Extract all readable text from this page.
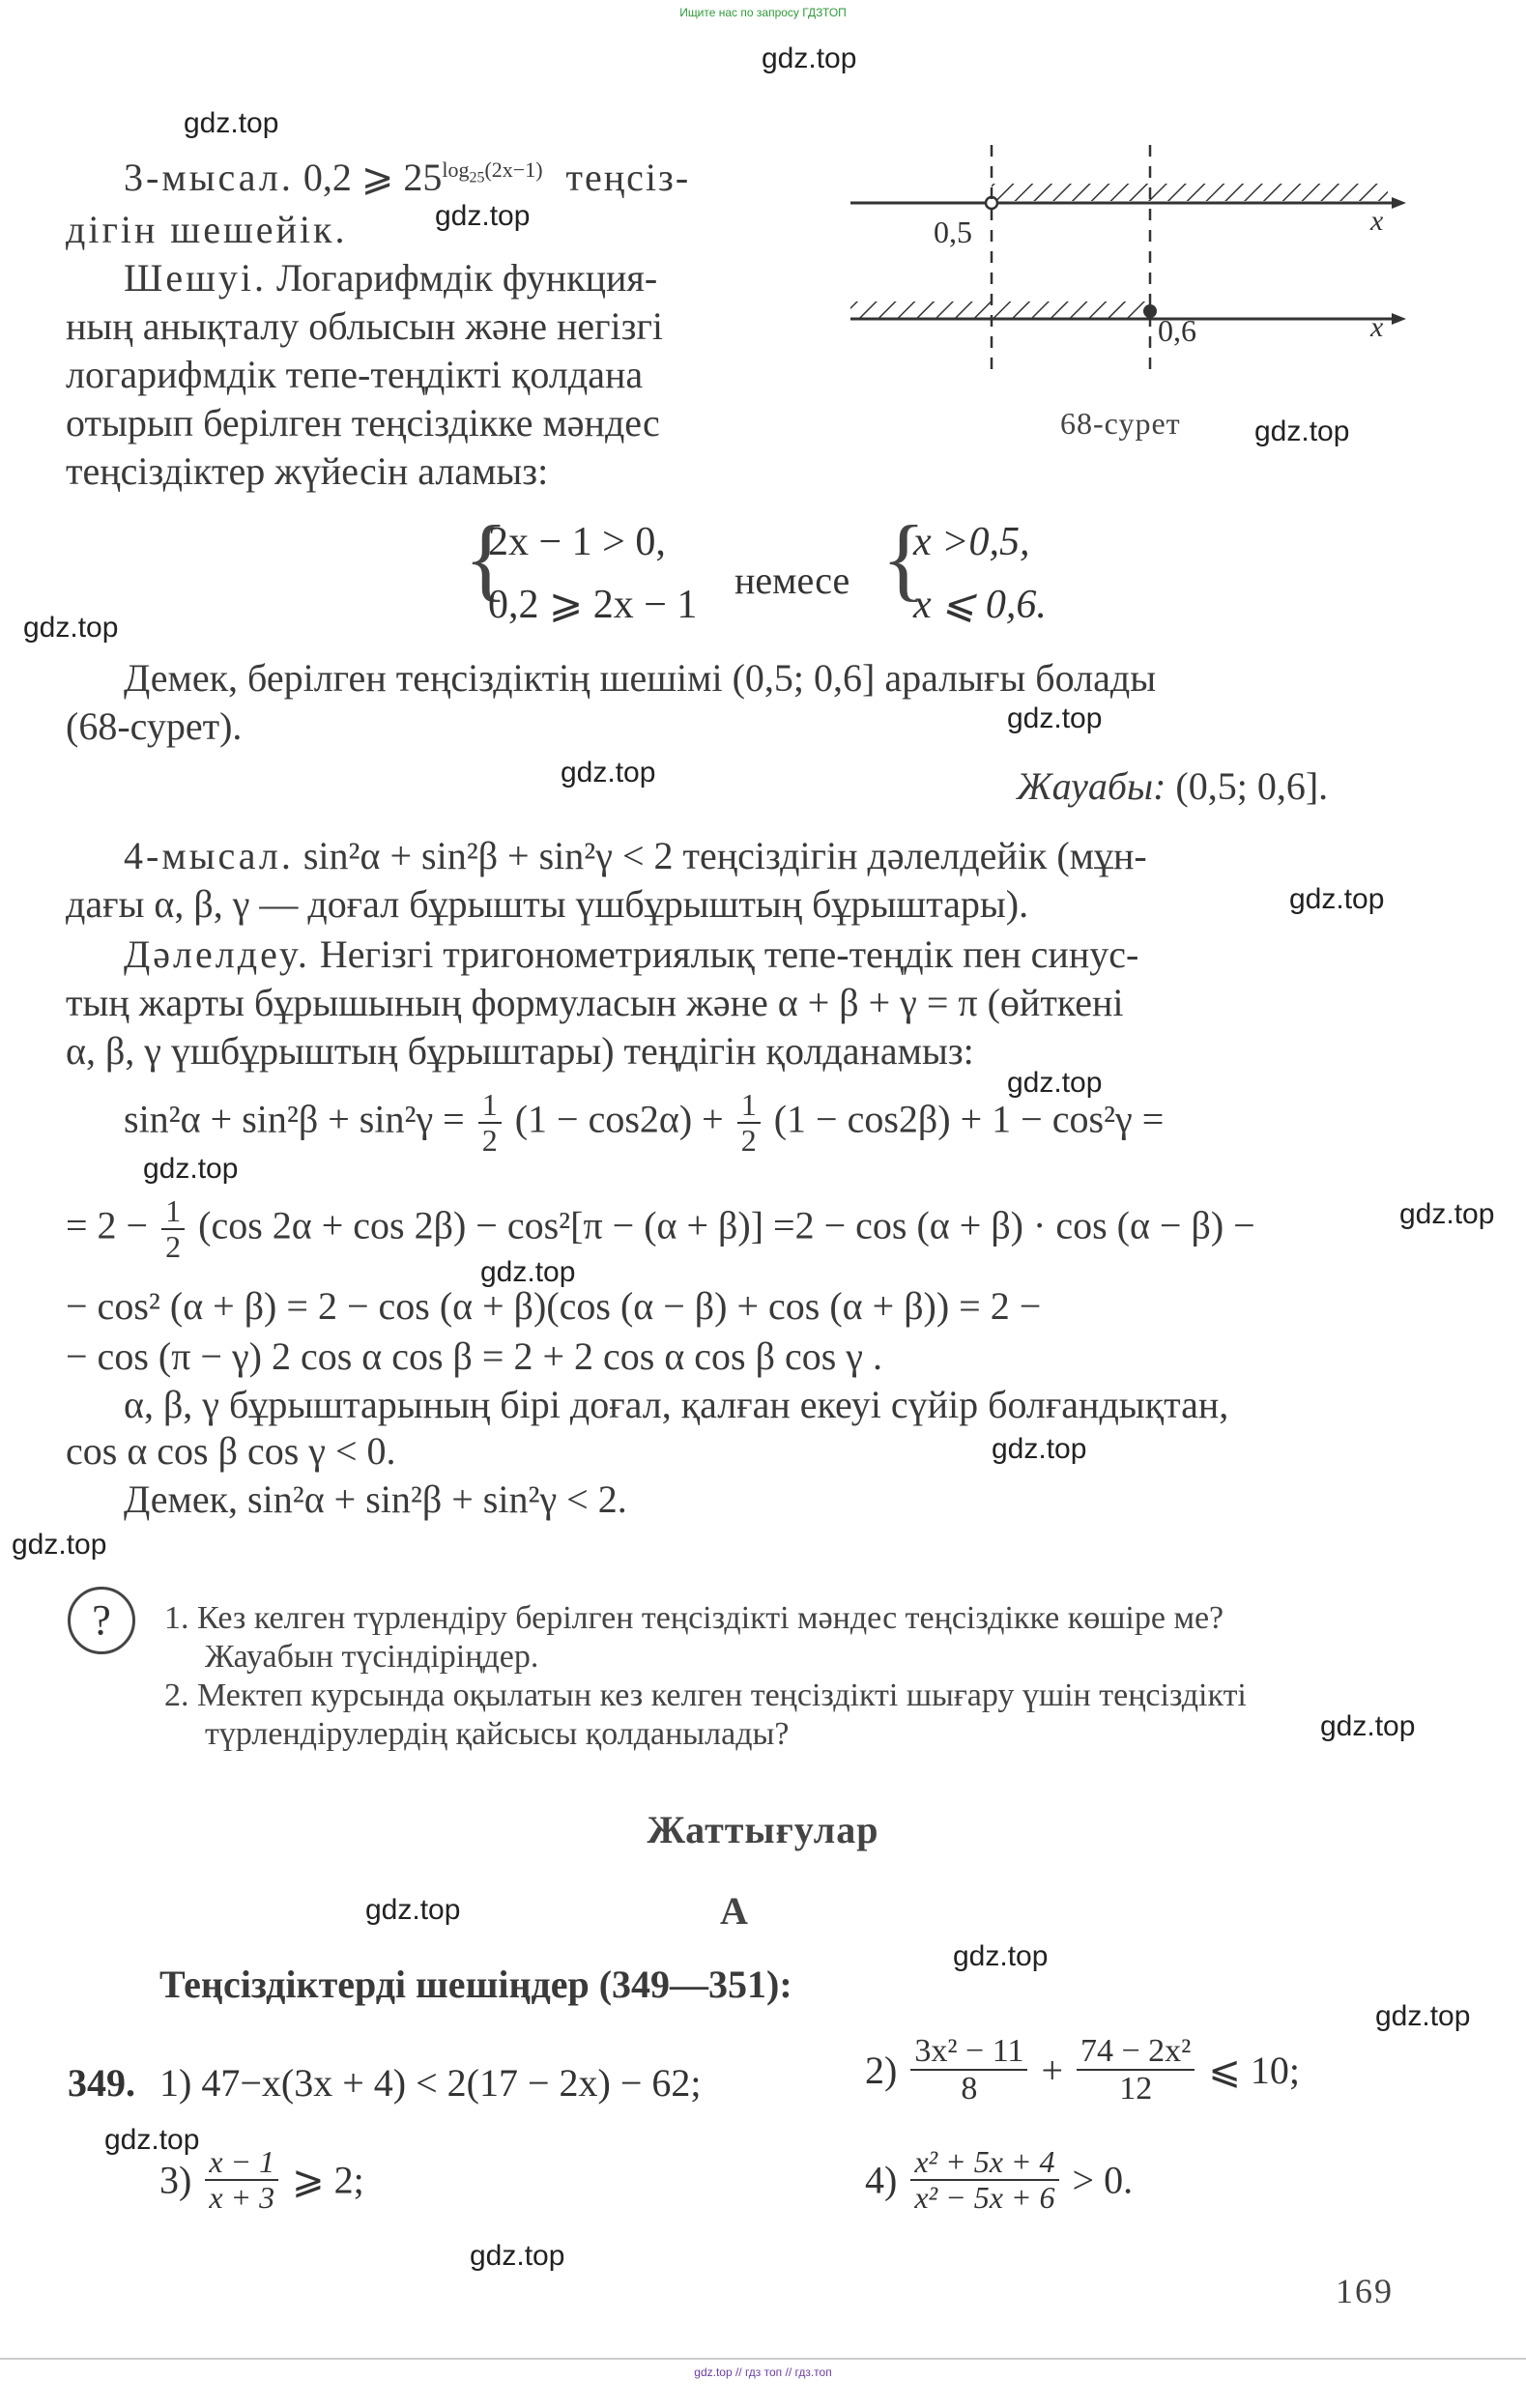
Ищите нас по запросу ГДЗТОП
gdz.top
gdz.top
gdz.top
gdz.top
gdz.top
gdz.top
gdz.top
gdz.top
gdz.top
gdz.top
gdz.top
gdz.top
gdz.top
gdz.top
gdz.top
gdz.top
gdz.top
gdz.top
gdz.top
gdz.top
3-мысал. 0,2 ⩾ $25^{log_{25}(2x-1)}$ теңсіз-
дігін шешейік.
Шешуі. Логарифмдік функция-
ның анықталу облысын және негізгі
логарифмдік тепе-теңдікті қолдана
отырып берілген теңсіздікке мәндес
теңсіздіктер жүйесін аламыз:
0,5
0,6
x
x
68-сурет
{
2x − 1 > 0,
0,2 ⩾ 2x − 1
немесе {
x >0,5,
x ⩽ 0,6.
Демек, берілген теңсіздіктің шешімі (0,5; 0,6] аралығы болады
(68-сурет).
Жауабы: (0,5; 0,6].
4-мысал. sin²α + sin²β + sin²γ < 2 теңсіздігін дәлелдейік (мұн-
дағы α, β, γ — доғал бұрышты үшбұрыштың бұрыштары).
Дәлелдеу. Негізгі тригонометриялық тепе-теңдік пен синус-
тың жарты бұрышының формуласын және α + β + γ = π (өйткені
α, β, γ үшбұрыштың бұрыштары) теңдігін қолданамыз:
$\sin^2\alpha + \sin^2\beta + \sin^2\gamma = \frac{1}{2} (1 - \cos 2\alpha) + \frac{1}{2} (1 - \cos 2\beta) + 1 - \cos^2\gamma$ =
= $2 - \frac{1}{2} (\cos$ 2α + cos 2β) − cos²[π − (α + β)] =2 − cos (α + β) · cos (α − β) −
− cos² (α + β) = 2 − cos (α + β)(cos (α − β) + cos (α + β)) = 2 −
− cos (π − γ) 2 cos α cos β = 2 + 2 cos α cos β cos γ .
α, β, γ бұрыштарының бірі доғал, қалған екеуі сүйір болғандықтан,
cos α cos β cos γ < 0.
Демек, sin²α + sin²β + sin²γ < 2.
?	1. Кез келген түрлендіру берілген теңсіздікті мәндес теңсіздікке көшіре ме?
Жауабын түсіндіріңдер.
2. Мектеп курсында оқылатын кез келген теңсіздікті шығару үшін теңсіздікті
түрлендірулердің қайсысы қолданылады?
Жаттығулар
А
Теңсіздіктерді шешіңдер (349—351):
349. 1) 47−x(3x + 4) < 2(17 − 2x) − 62;	$2) \frac{\text{3x² − 11}}{8} + \frac{\text{74 − 2x²}}{12}$ ⩽ 10;
$3) \frac{x - 1}{x + 3}$ ⩾ 2;	$4) \frac{\text{x² + 5x + 4}}{\text{x² − 5x + 6}} > 0$.
169
gdz.top // гдз топ // гдз.топ
